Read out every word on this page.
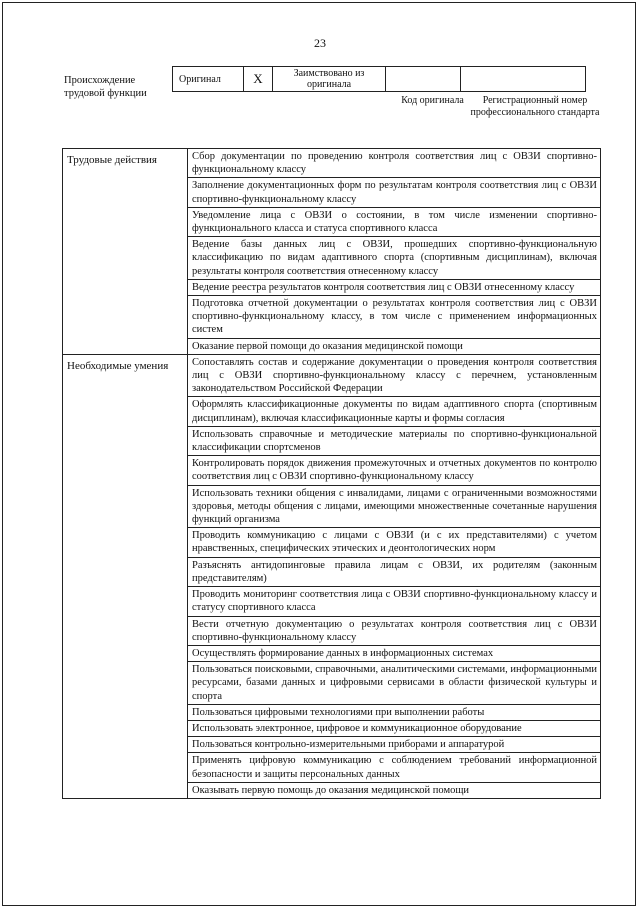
23
Происхождение трудовой функции
Оригинал	X	Заимствовано из оригинала		
Код оригинала	Регистрационный номер профессионального стандарта
Трудовые действия	Сбор документации по проведению контроля соответствия лиц с ОВЗИ спортивно-функциональному классу
	Заполнение документационных форм по результатам контроля соответствия лиц с ОВЗИ спортивно-функциональному классу
	Уведомление лица с ОВЗИ о состоянии, в том числе изменении спортивно-функционального класса и статуса спортивного класса
	Ведение базы данных лиц с ОВЗИ, прошедших спортивно-функциональную классификацию по видам адаптивного спорта (спортивным дисциплинам), включая результаты контроля соответствия отнесенному классу
	Ведение реестра результатов контроля соответствия лиц с ОВЗИ отнесенному классу
	Подготовка отчетной документации о результатах контроля соответствия лиц с ОВЗИ спортивно-функциональному классу, в том числе с применением информационных систем
	Оказание первой помощи до оказания медицинской помощи
Необходимые умения	Сопоставлять состав и содержание документации о проведения контроля соответствия лиц с ОВЗИ спортивно-функциональному классу с перечнем, установленным законодательством Российской Федерации
	Оформлять классификационные документы по видам адаптивного спорта (спортивным дисциплинам), включая классификационные карты и формы согласия
	Использовать справочные и методические материалы по спортивно-функциональной классификации спортсменов
	Контролировать порядок движения промежуточных и отчетных документов по контролю соответствия лиц с ОВЗИ спортивно-функциональному классу
	Использовать техники общения с инвалидами, лицами с ограниченными возможностями здоровья, методы общения с лицами, имеющими множественные сочетанные нарушения функций организма
	Проводить коммуникацию с лицами с ОВЗИ (и с их представителями) с учетом нравственных, специфических этических и деонтологических норм
	Разъяснять антидопинговые правила лицам с ОВЗИ, их родителям (законным представителям)
	Проводить мониторинг соответствия лица с ОВЗИ спортивно-функциональному классу и статусу спортивного класса
	Вести отчетную документацию о результатах контроля соответствия лиц с ОВЗИ спортивно-функциональному классу
	Осуществлять формирование данных в информационных системах
	Пользоваться поисковыми, справочными, аналитическими системами, информационными ресурсами, базами данных и цифровыми сервисами в области физической культуры и спорта
	Пользоваться цифровыми технологиями при выполнении работы
	Использовать электронное, цифровое и коммуникационное оборудование
	Пользоваться контрольно-измерительными приборами и аппаратурой
	Применять цифровую коммуникацию с соблюдением требований информационной безопасности и защиты персональных данных
	Оказывать первую помощь до оказания медицинской помощи
